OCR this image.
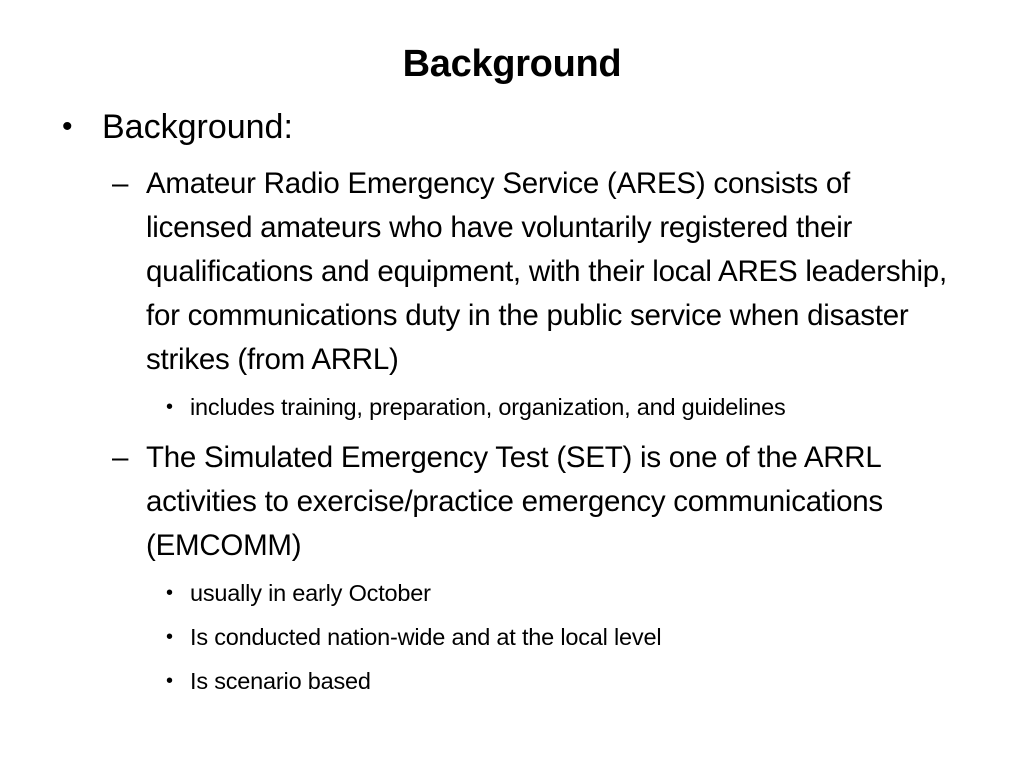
Background
• Background:
– Amateur Radio Emergency Service (ARES) consists of licensed amateurs who have voluntarily registered their qualifications and equipment, with their local ARES leadership, for communications duty in the public service when disaster strikes (from ARRL)
• includes training, preparation, organization, and guidelines
– The Simulated Emergency Test (SET) is one of the ARRL activities to exercise/practice emergency communications (EMCOMM)
• usually in early October
• Is conducted nation-wide and at the local level
• Is scenario based
